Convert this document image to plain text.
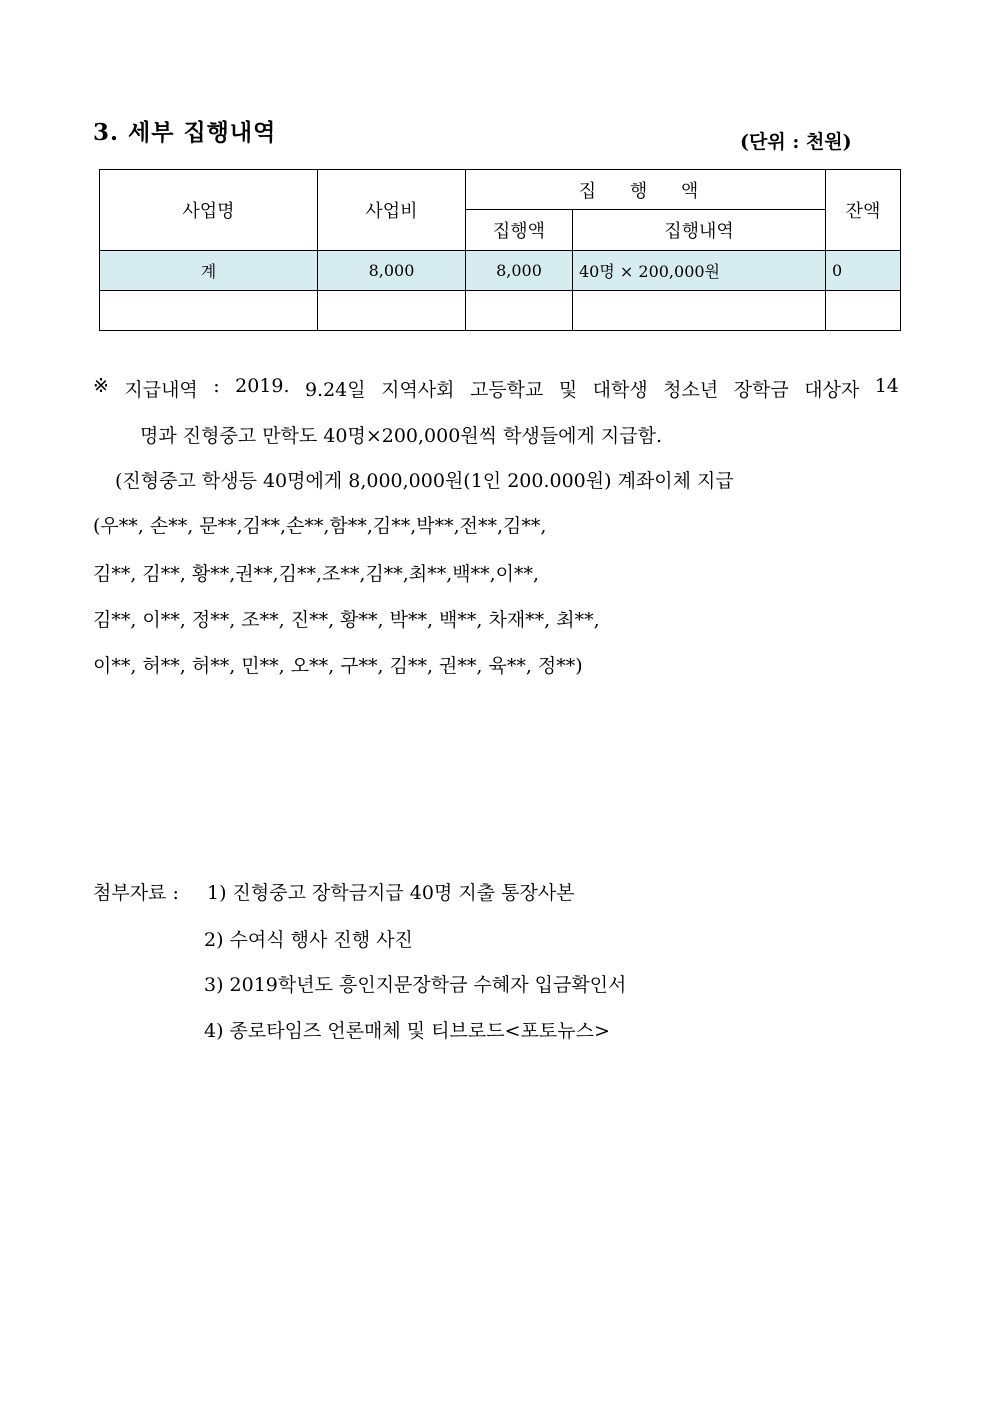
3. 세부 집행내역	(단위 : 천원)
사업명	사업비	집 행 액		잔액
		집행액	집행내역	
계	8,000	8,000	40명 × 200,000원	0

※ 지급내역 : 2019. 9.24일 지역사회 고등학교 및 대학생 청소년 장학금 대상자 14
명과 진형중고 만학도 40명×200,000원씩 학생들에게 지급함.
(진형중고 학생등 40명에게 8,000,000원(1인 200.000원) 계좌이체 지급
(우**, 손**, 문**,김**,손**,함**,김**,박**,전**,김**,
김**, 김**, 황**,권**,김**,조**,김**,최**,백**,이**,
김**, 이**, 정**, 조**, 진**, 황**, 박**, 백**, 차재**, 최**,
이**, 허**, 허**, 민**, 오**, 구**, 김**, 권**, 육**, 정**)
첨부자료 : 1) 진형중고 장학금지급 40명 지출 통장사본
2) 수여식 행사 진행 사진
3) 2019학년도 흥인지문장학금 수혜자 입금확인서
4) 종로타임즈 언론매체 및 티브로드<포토뉴스>
